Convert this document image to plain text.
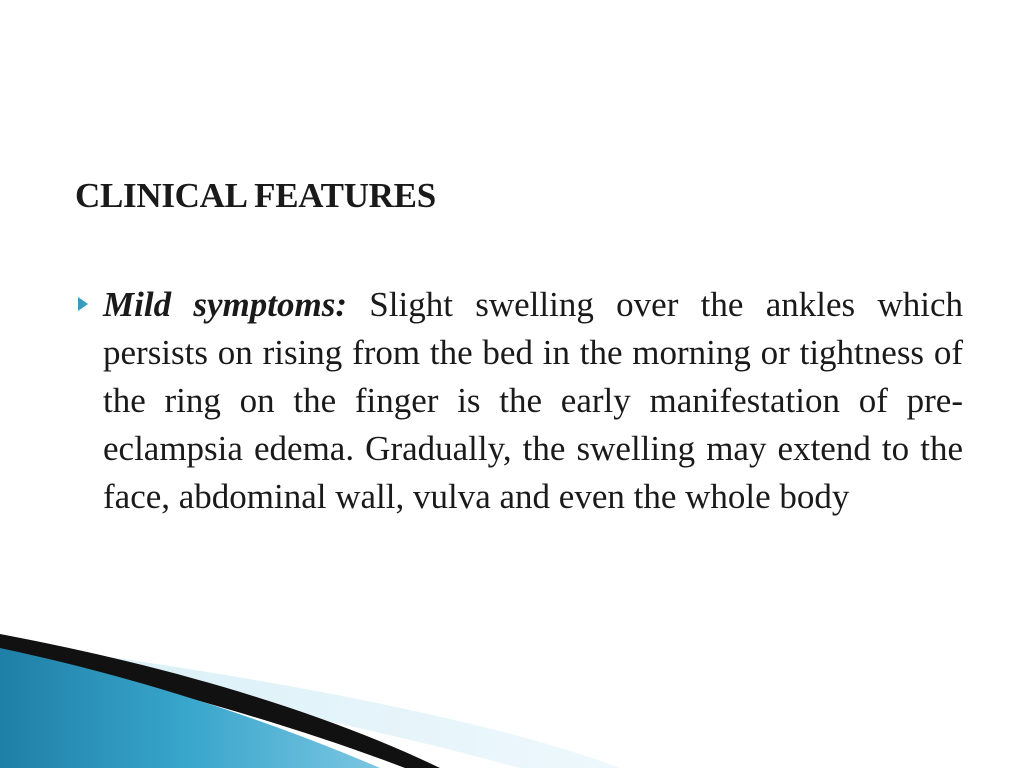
CLINICAL FEATURES

Mild symptoms: Slight swelling over the ankles which persists on rising from the bed in the morning or tightness of the ring on the finger is the early manifestation of pre-eclampsia edema. Gradually, the swelling may extend to the face, abdominal wall, vulva and even the whole body
